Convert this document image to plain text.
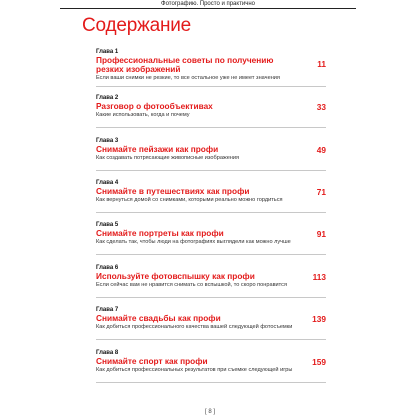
Фотографию. Просто и практично
Содержание
Глава 1
Профессиональные советы по получению резких изображений	11
Если ваши снимки не резкие, то все остальное уже не имеет значения
Глава 2
Разговор о фотообъективах	33
Какие использовать, когда и почему
Глава 3
Снимайте пейзажи как профи	49
Как создавать потрясающие живописные изображения
Глава 4
Снимайте в путешествиях как профи	71
Как вернуться домой со снимками, которыми реально можно гордиться
Глава 5
Снимайте портреты как профи	91
Как сделать так, чтобы люди на фотографиях выглядели как можно лучше
Глава 6
Используйте фотовспышку как профи	113
Если сейчас вам не нравится снимать со вспышкой, то скоро понравится
Глава 7
Снимайте свадьбы как профи	139
Как добиться профессионального качества вашей следующей фотосъемки
Глава 8
Снимайте спорт как профи	159
Как добиться профессиональных результатов при съемке следующей игры
[ 8 ]
